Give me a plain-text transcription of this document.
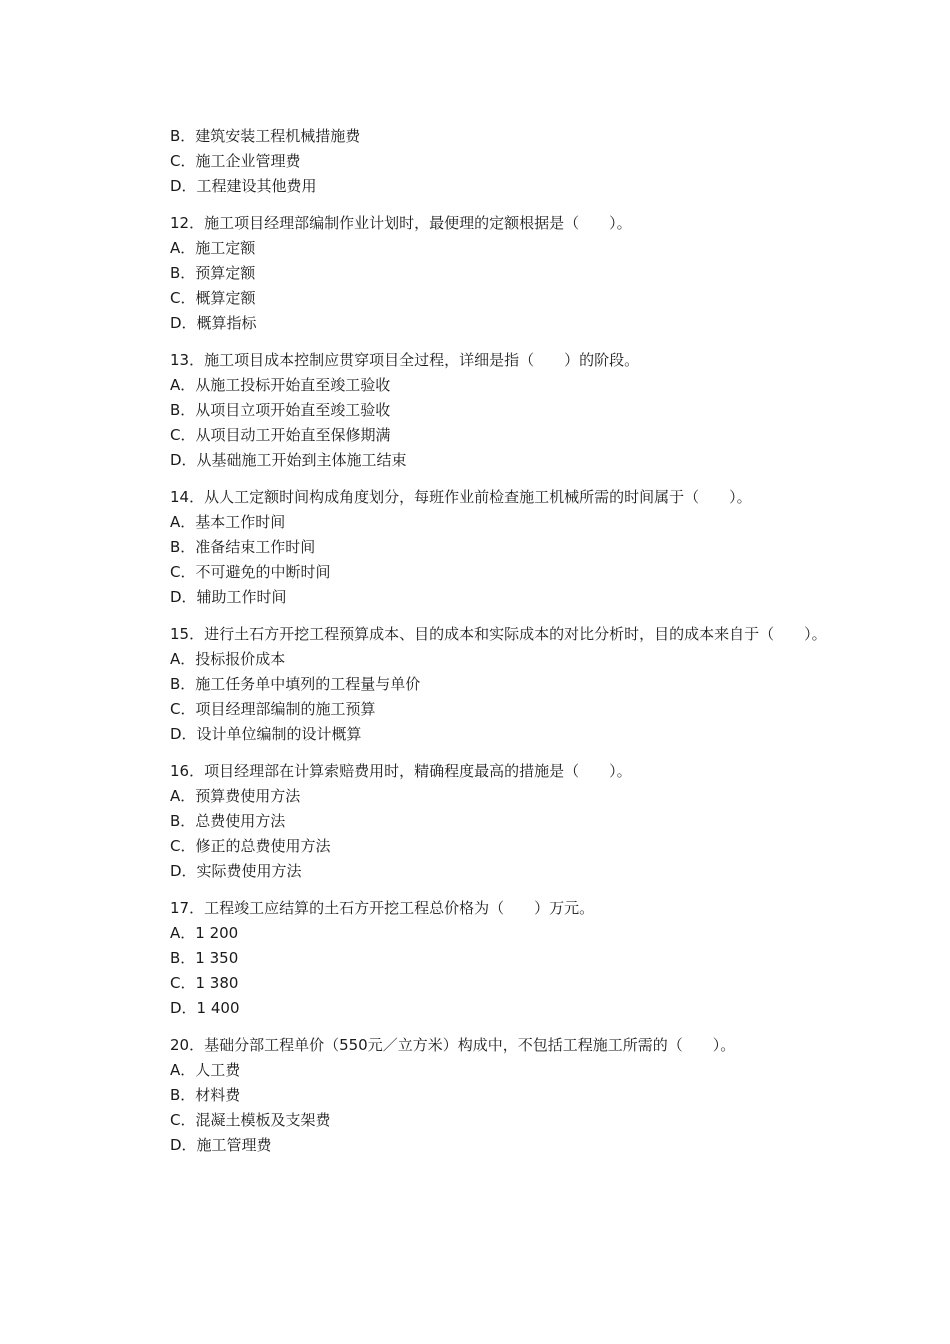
B．建筑安装工程机械措施费
C．施工企业管理费
D．工程建设其他费用
12．施工项目经理部编制作业计划时，最便理的定额根据是（　　）。
A．施工定额
B．预算定额
C．概算定额
D．概算指标
13．施工项目成本控制应贯穿项目全过程，详细是指（　　）的阶段。
A．从施工投标开始直至竣工验收
B．从项目立项开始直至竣工验收
C．从项目动工开始直至保修期满
D．从基础施工开始到主体施工结束
14．从人工定额时间构成角度划分，每班作业前检查施工机械所需的时间属于（　　）。
A．基本工作时间
B．准备结束工作时间
C．不可避免的中断时间
D．辅助工作时间
15．进行土石方开挖工程预算成本、目的成本和实际成本的对比分析时，目的成本来自于（　　）。
A．投标报价成本
B．施工任务单中填列的工程量与单价
C．项目经理部编制的施工预算
D．设计单位编制的设计概算
16．项目经理部在计算索赔费用时，精确程度最高的措施是（　　）。
A．预算费使用方法
B．总费使用方法
C．修正的总费使用方法
D．实际费使用方法
17．工程竣工应结算的土石方开挖工程总价格为（　　）万元。
A．1 200
B．1 350
C．1 380
D．1 400
20．基础分部工程单价（550元／立方米）构成中，不包括工程施工所需的（　　）。
A．人工费
B．材料费
C．混凝土模板及支架费
D．施工管理费
